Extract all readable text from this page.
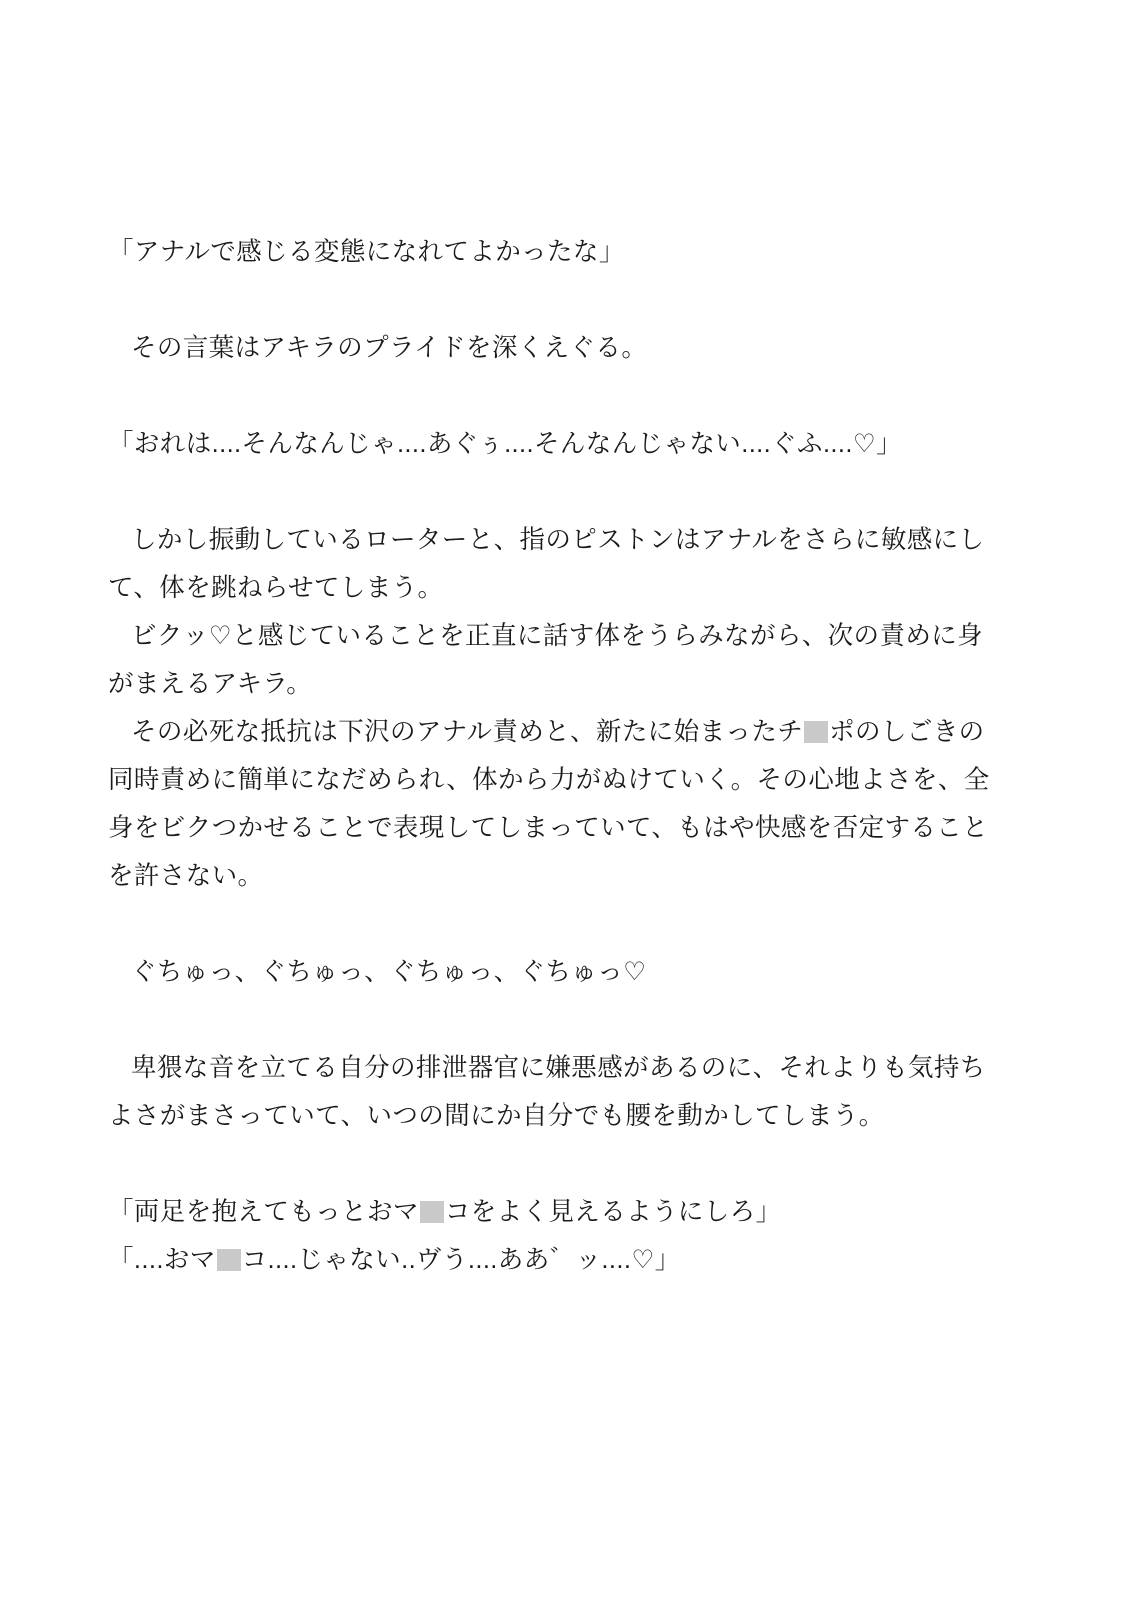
「アナルで感じる変態になれてよかったな」

その言葉はアキラのプライドを深くえぐる。

「おれは....そんなんじゃ....あぐぅ....そんなんじゃない....ぐふ....♡」

しかし振動しているローターと、指のピストンはアナルをさらに敏感にして、体を跳ねらせてしまう。

ビクッ♡と感じていることを正直に話す体をうらみながら、次の責めに身がまえるアキラ。

その必死な抵抗は下沢のアナル責めと、新たに始まったチ ポのしごきの同時責めに簡単になだめられ、体から力がぬけていく。その心地よさを、全身をビクつかせることで表現してしまっていて、もはや快感を否定することを許さない。

ぐちゅっ、ぐちゅっ、ぐちゅっ、ぐちゅっ♡

卑猥な音を立てる自分の排泄器官に嫌悪感があるのに、それよりも気持ちよさがまさっていて、いつの間にか自分でも腰を動かしてしまう。

「両足を抱えてもっとおマ コをよく見えるようにしろ」

「....おマ コ....じゃない..ヴう....ああ゛ッ....♡」
